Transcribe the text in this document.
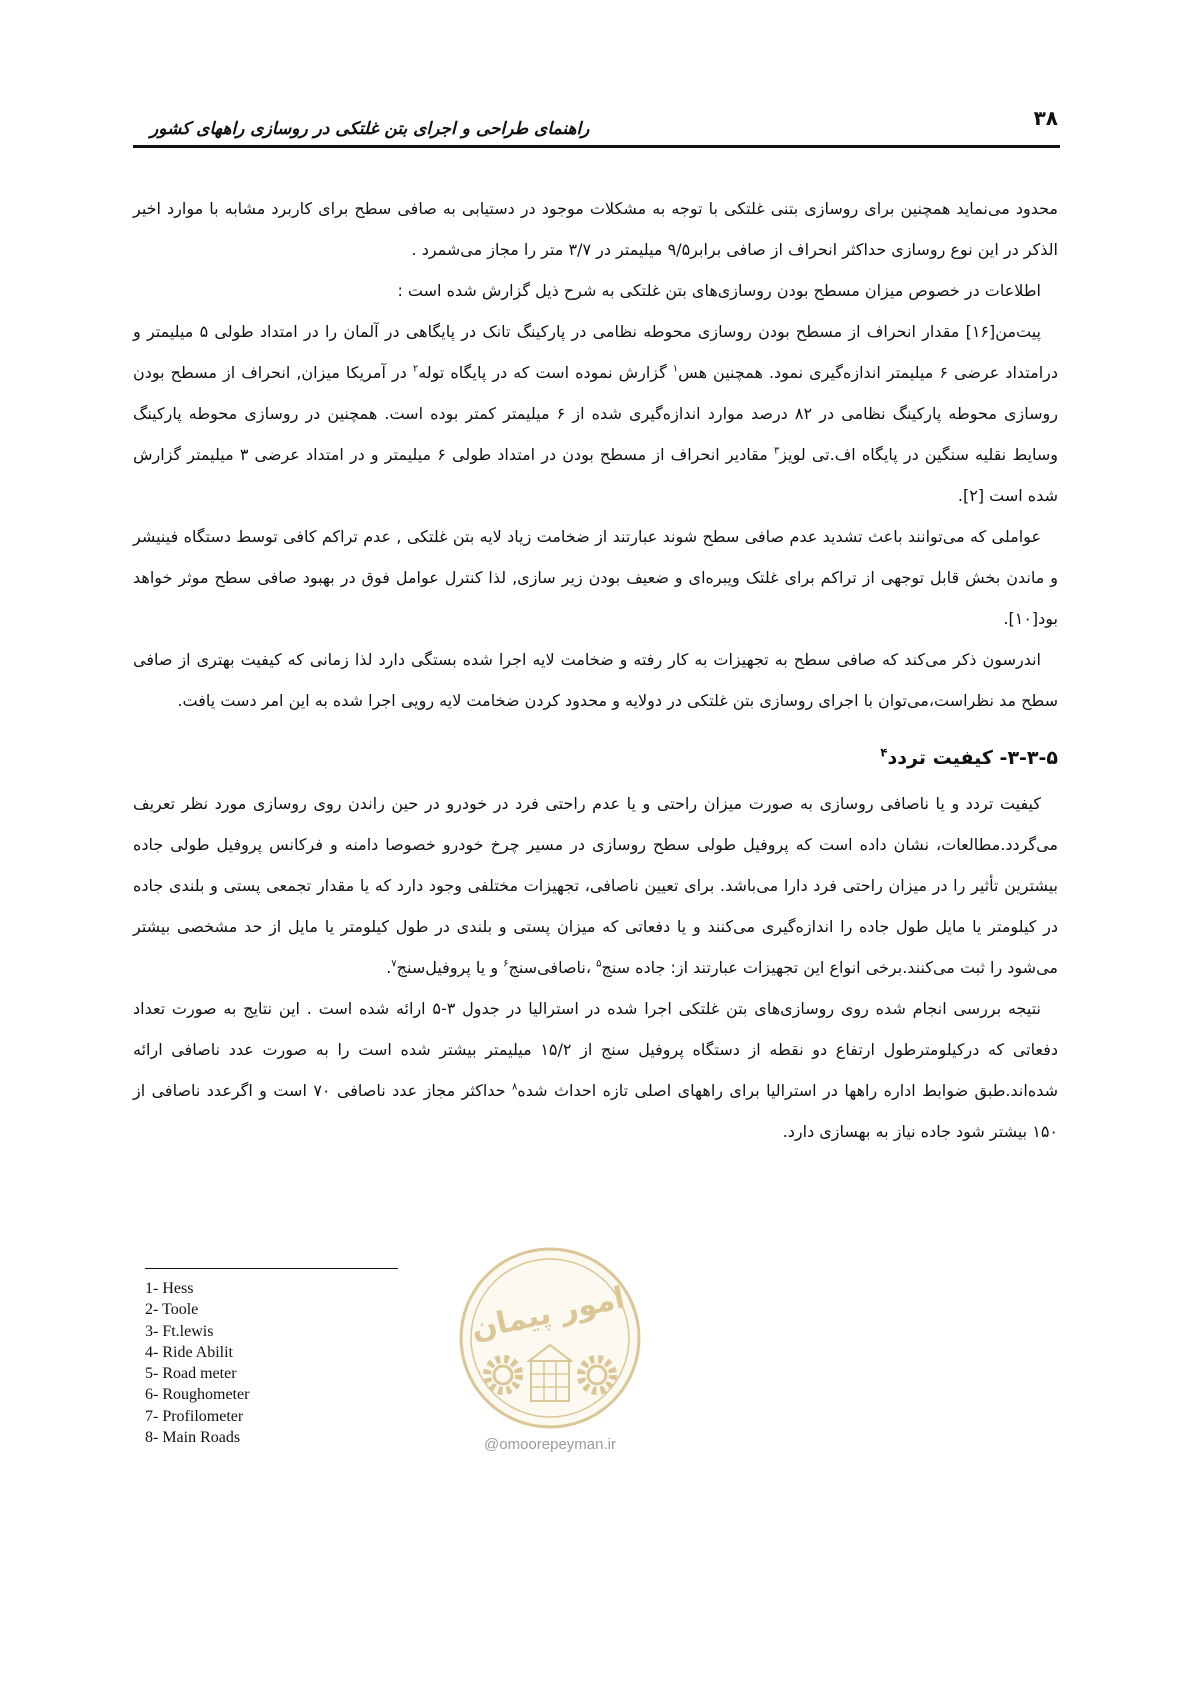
۳۸
راهنمای طراحی و اجرای بتن غلتکی در روسازی راههای کشور
امور پیمان
@omoorepeyman.ir

محدود می‌نماید همچنین برای روسازی بتنی غلتکی با توجه به مشکلات موجود در دستیابی به صافی سطح برای کاربرد مشابه با موارد اخیر الذکر در این نوع روسازی حداکثر انحراف از صافی برابر۹/۵ میلیمتر در ۳/۷ متر را مجاز می‌شمرد .

اطلاعات در خصوص میزان مسطح بودن روسازی‌های بتن غلتکی به شرح ذیل گزارش شده است :

پیت‌من[۱۶] مقدار انحراف از مسطح بودن روسازی محوطه نظامی در پارکینگ تانک در پایگاهی در آلمان را در امتداد طولی ۵ میلیمتر و درامتداد عرضی ۶ میلیمتر اندازه‌گیری نمود. همچنین هس$^۱$ گزارش نموده است که در پایگاه توله$^۲$ در آمریکا میزان, انحراف از مسطح بودن روسازی محوطه پارکینگ نظامی در ۸۲ درصد موارد اندازه‌گیری شده از ۶ میلیمتر کمتر بوده است. همچنین در روسازی محوطه پارکینگ وسایط نقلیه سنگین در پایگاه اف.تی لویز$^۳$ مقادیر انحراف از مسطح بودن در امتداد طولی ۶ میلیمتر و در امتداد عرضی ۳ میلیمتر گزارش شده است [۲].

عواملی که می‌توانند باعث تشدید عدم صافی سطح شوند عبارتند از ضخامت زیاد لایه بتن غلتکی , عدم تراکم کافی توسط دستگاه فینیشر و ماندن بخش قابل توجهی از تراکم برای غلتک ویبره‌ای و ضعیف بودن زیر سازی, لذا کنترل عوامل فوق در بهبود صافی سطح موثر خواهد بود[۱۰].

اندرسون ذکر می‌کند که صافی سطح به تجهیزات به کار رفته و ضخامت لایه اجرا شده بستگی دارد لذا زمانی که کیفیت بهتری از صافی سطح مد نظراست،می‌توان با اجرای روسازی بتن غلتکی در دولایه و محدود کردن ضخامت لایه رویی اجرا شده به این امر دست یافت.

۳-۳-۵- کیفیت تردد$^۴$

کیفیت تردد و یا ناصافی روسازی به صورت میزان راحتی و یا عدم راحتی فرد در خودرو در حین راندن روی روسازی مورد نظر تعریف می‌گردد.مطالعات، نشان داده است که پروفیل طولی سطح روسازی در مسیر چرخ خودرو خصوصا دامنه و فرکانس پروفیل طولی جاده بیشترین تأثیر را در میزان راحتی فرد دارا می‌باشد. برای تعیین ناصافی، تجهیزات مختلفی وجود دارد که یا مقدار تجمعی پستی و بلندی جاده در کیلومتر یا مایل طول جاده را اندازه‌گیری می‌کنند و یا دفعاتی که میزان پستی و بلندی در طول کیلومتر یا مایل از حد مشخصی بیشتر می‌شود را ثبت می‌کنند.برخی انواع این تجهیزات عبارتند از: جاده سنج$^۵$ ،ناصافی‌سنج$^۶$ و یا پروفیل‌سنج$^۷$.

نتیجه بررسی انجام شده روی روسازی‌های بتن غلتکی اجرا شده در استرالیا در جدول ۳-۵ ارائه شده است . این نتایج به صورت تعداد دفعاتی که درکیلومترطول ارتفاع دو نقطه از دستگاه پروفیل سنج از ۱۵/۲ میلیمتر بیشتر شده است را به صورت عدد ناصافی ارائه شده‌اند.طبق ضوابط اداره راهها در استرالیا برای راههای اصلی تازه احداث شده$^۸$ حداکثر مجاز عدد ناصافی ۷۰ است و اگرعدد ناصافی از ۱۵۰ بیشتر شود جاده نیاز به بهسازی دارد.

1- Hess
2- Toole
3- Ft.lewis
4- Ride Abilit
5- Road meter
6- Roughometer
7- Profilometer
8- Main Roads
